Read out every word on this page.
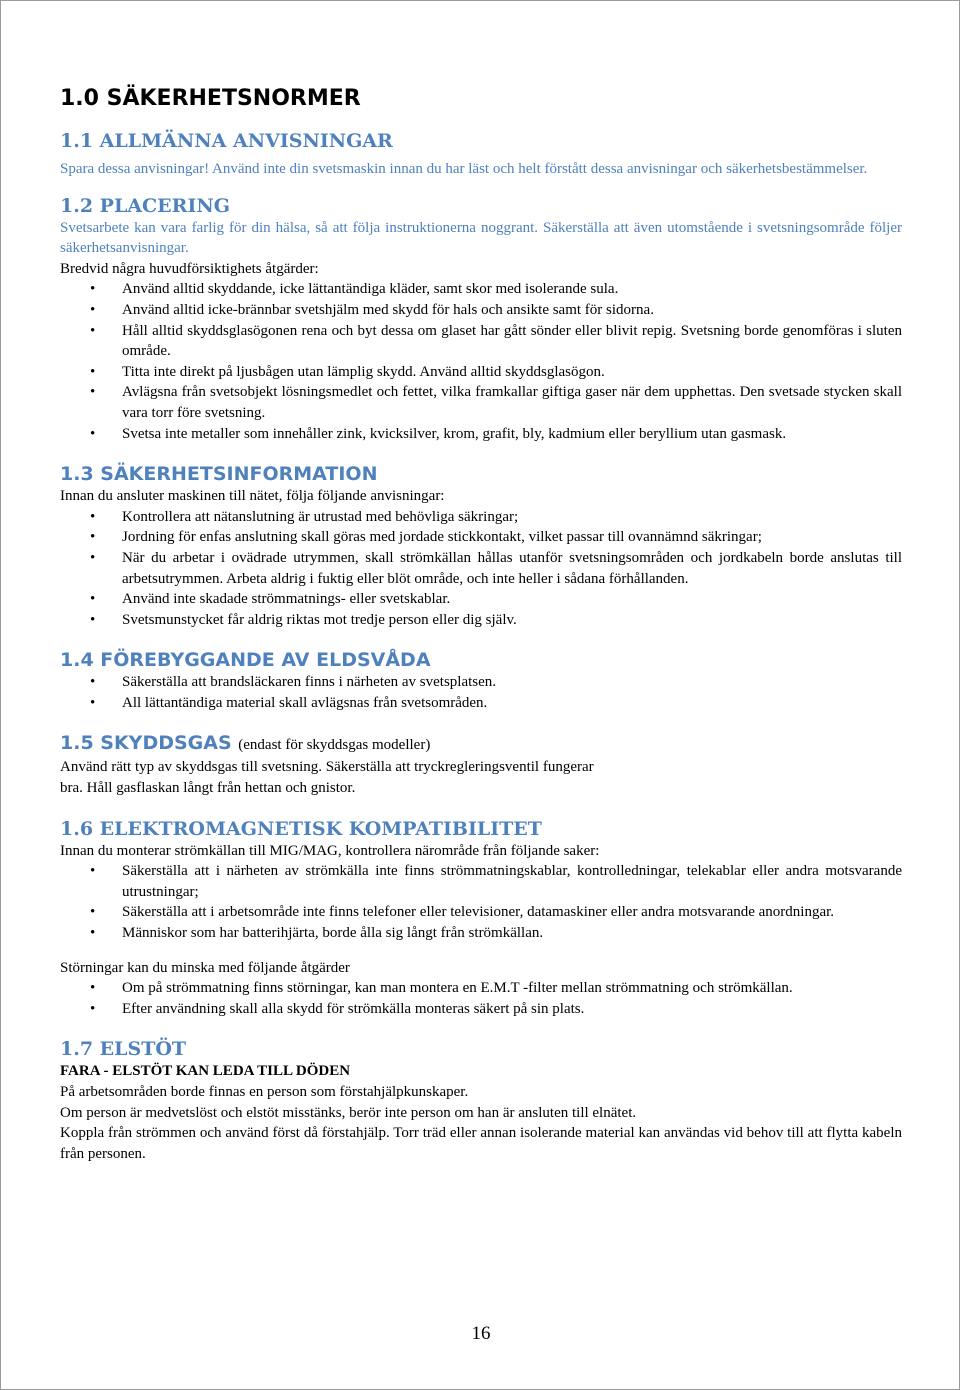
1.0 SÄKERHETSNORMER
1.1 ALLMÄNNA ANVISNINGAR
Spara dessa anvisningar! Använd inte din svetsmaskin innan du har läst och helt förstått dessa anvisningar och säkerhetsbestämmelser.
1.2 PLACERING
Svetsarbete kan vara farlig för din hälsa, så att följa instruktionerna noggrant. Säkerställa att även utomstående i svetsningsområde följer säkerhetsanvisningar.
Bredvid några huvudförsiktighets åtgärder:
• Använd alltid skyddande, icke lättantändiga kläder, samt skor med isolerande sula.
• Använd alltid icke-brännbar svetshjälm med skydd för hals och ansikte samt för sidorna.
• Håll alltid skyddsglasögonen rena och byt dessa om glaset har gått sönder eller blivit repig. Svetsning borde genomföras i sluten område.
• Titta inte direkt på ljusbågen utan lämplig skydd. Använd alltid skyddsglasögon.
• Avlägsna från svetsobjekt lösningsmedlet och fettet, vilka framkallar giftiga gaser när dem upphettas. Den svetsade stycken skall vara torr före svetsning.
• Svetsa inte metaller som innehåller zink, kvicksilver, krom, grafit, bly, kadmium eller beryllium utan gasmask.
1.3 SÄKERHETSINFORMATION
Innan du ansluter maskinen till nätet, följa följande anvisningar:
• Kontrollera att nätanslutning är utrustad med behövliga säkringar;
• Jordning för enfas anslutning skall göras med jordade stickkontakt, vilket passar till ovannämnd säkringar;
• När du arbetar i ovädrade utrymmen, skall strömkällan hållas utanför svetsningsområden och jordkabeln borde anslutas till arbetsutrymmen. Arbeta aldrig i fuktig eller blöt område, och inte heller i sådana förhållanden.
• Använd inte skadade strömmatnings- eller svetskablar.
• Svetsmunstycket får aldrig riktas mot tredje person eller dig själv.
1.4 FÖREBYGGANDE AV ELDSVÅDA
• Säkerställa att brandsläckaren finns i närheten av svetsplatsen.
• All lättantändiga material skall avlägsnas från svetsområden.
1.5 SKYDDSGAS (endast för skyddsgas modeller)
Använd rätt typ av skyddsgas till svetsning. Säkerställa att tryckregleringsventil fungerar
bra. Håll gasflaskan långt från hettan och gnistor.
1.6 ELEKTROMAGNETISK KOMPATIBILITET
Innan du monterar strömkällan till MIG/MAG, kontrollera närområde från följande saker:
• Säkerställa att i närheten av strömkälla inte finns strömmatningskablar, kontrolledningar, telekablar eller andra motsvarande utrustningar;
• Säkerställa att i arbetsområde inte finns telefoner eller televisioner, datamaskiner eller andra motsvarande anordningar.
• Människor som har batterihjärta, borde ålla sig långt från strömkällan.
Störningar kan du minska med följande åtgärder
• Om på strömmatning finns störningar, kan man montera en E.M.T -filter mellan strömmatning och strömkällan.
• Efter användning skall alla skydd för strömkälla monteras säkert på sin plats.
1.7 ELSTÖT
FARA - ELSTÖT KAN LEDA TILL DÖDEN
På arbetsområden borde finnas en person som förstahjälpkunskaper.
Om person är medvetslöst och elstöt misstänks, berör inte person om han är ansluten till elnätet.
Koppla från strömmen och använd först då förstahjälp. Torr träd eller annan isolerande material kan användas vid behov till att flytta kabeln från personen.
16
